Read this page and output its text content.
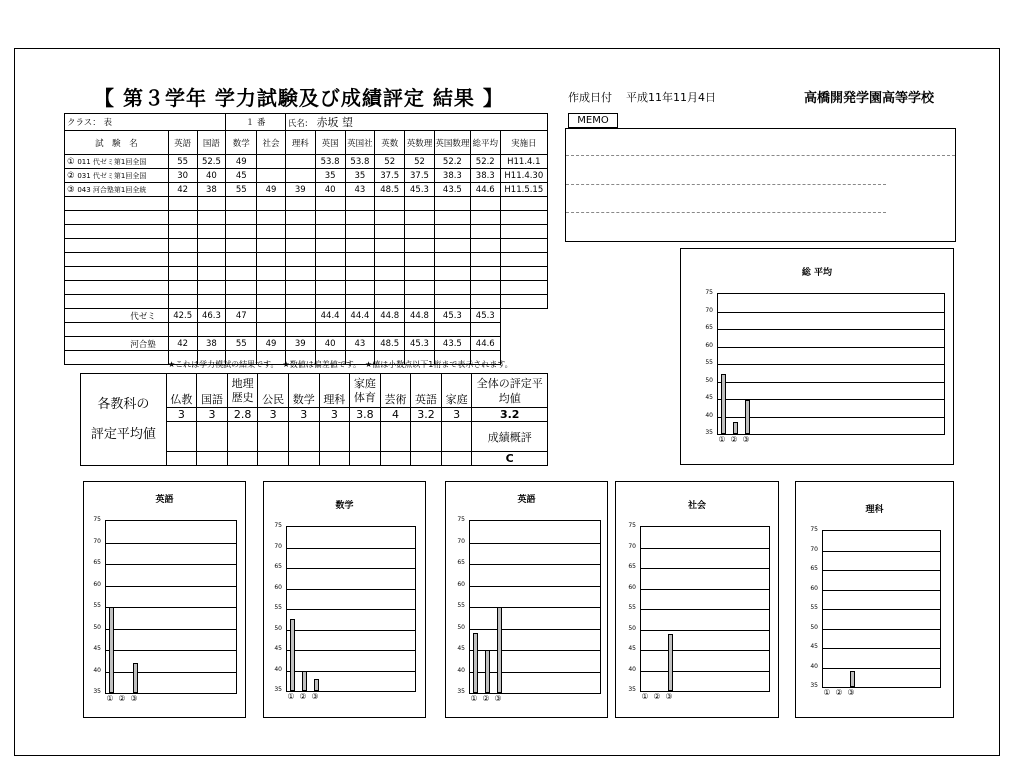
【 第３学年 学力試験及び成績評定 結果 】	作成日付 平成11年11月4日	高橋開発学園高等学校
MEMO
クラス： 表			１ 番		氏名: 赤坂 望							
試　験　名	英語	国語	数学	社会	理科	英国	英国社	英数	英数理	英国数理	総平均	実施日
① 011 代ゼミ第1回全国	55	52.5	49			53.8	53.8	52	52	52.2	52.2	H11.4.1
② 031 代ゼミ第1回全国	30	40	45			35	35	37.5	37.5	38.3	38.3	H11.4.30
③ 043 河合塾第1回全統	42	38	55	49	39	40	43	48.5	45.3	43.5	44.6	H11.5.15

代ゼミ	42.5	46.3	47			44.4	44.4	44.8	44.8	45.3	45.3	

河合塾	42	38	55	49	39	40	43	48.5	45.3	43.5	44.6	

★これは学力模試の結果です。　★数値は偏差値です。　★値は小数点以下1桁まで表示されます。
各教科の
評定平均値	仏教	国語	地理歴史	公民	数学	理科	家庭体育	芸術	英語	家庭	全体の評定平均値
	3	3	2.8	3	3	3	3.8	4	3.2	3	3.2
											成績概評
											C
総 平均
35
40
45
50
55
60
65
70
75
① ② ③
英語
35
40
45
50
55
60
65
70
75
① ② ③
数学
35
40
45
50
55
60
65
70
75
① ② ③
英語
35
40
45
50
55
60
65
70
75
① ② ③
社会
35
40
45
50
55
60
65
70
75
① ② ③
理科
35
40
45
50
55
60
65
70
75
① ② ③
